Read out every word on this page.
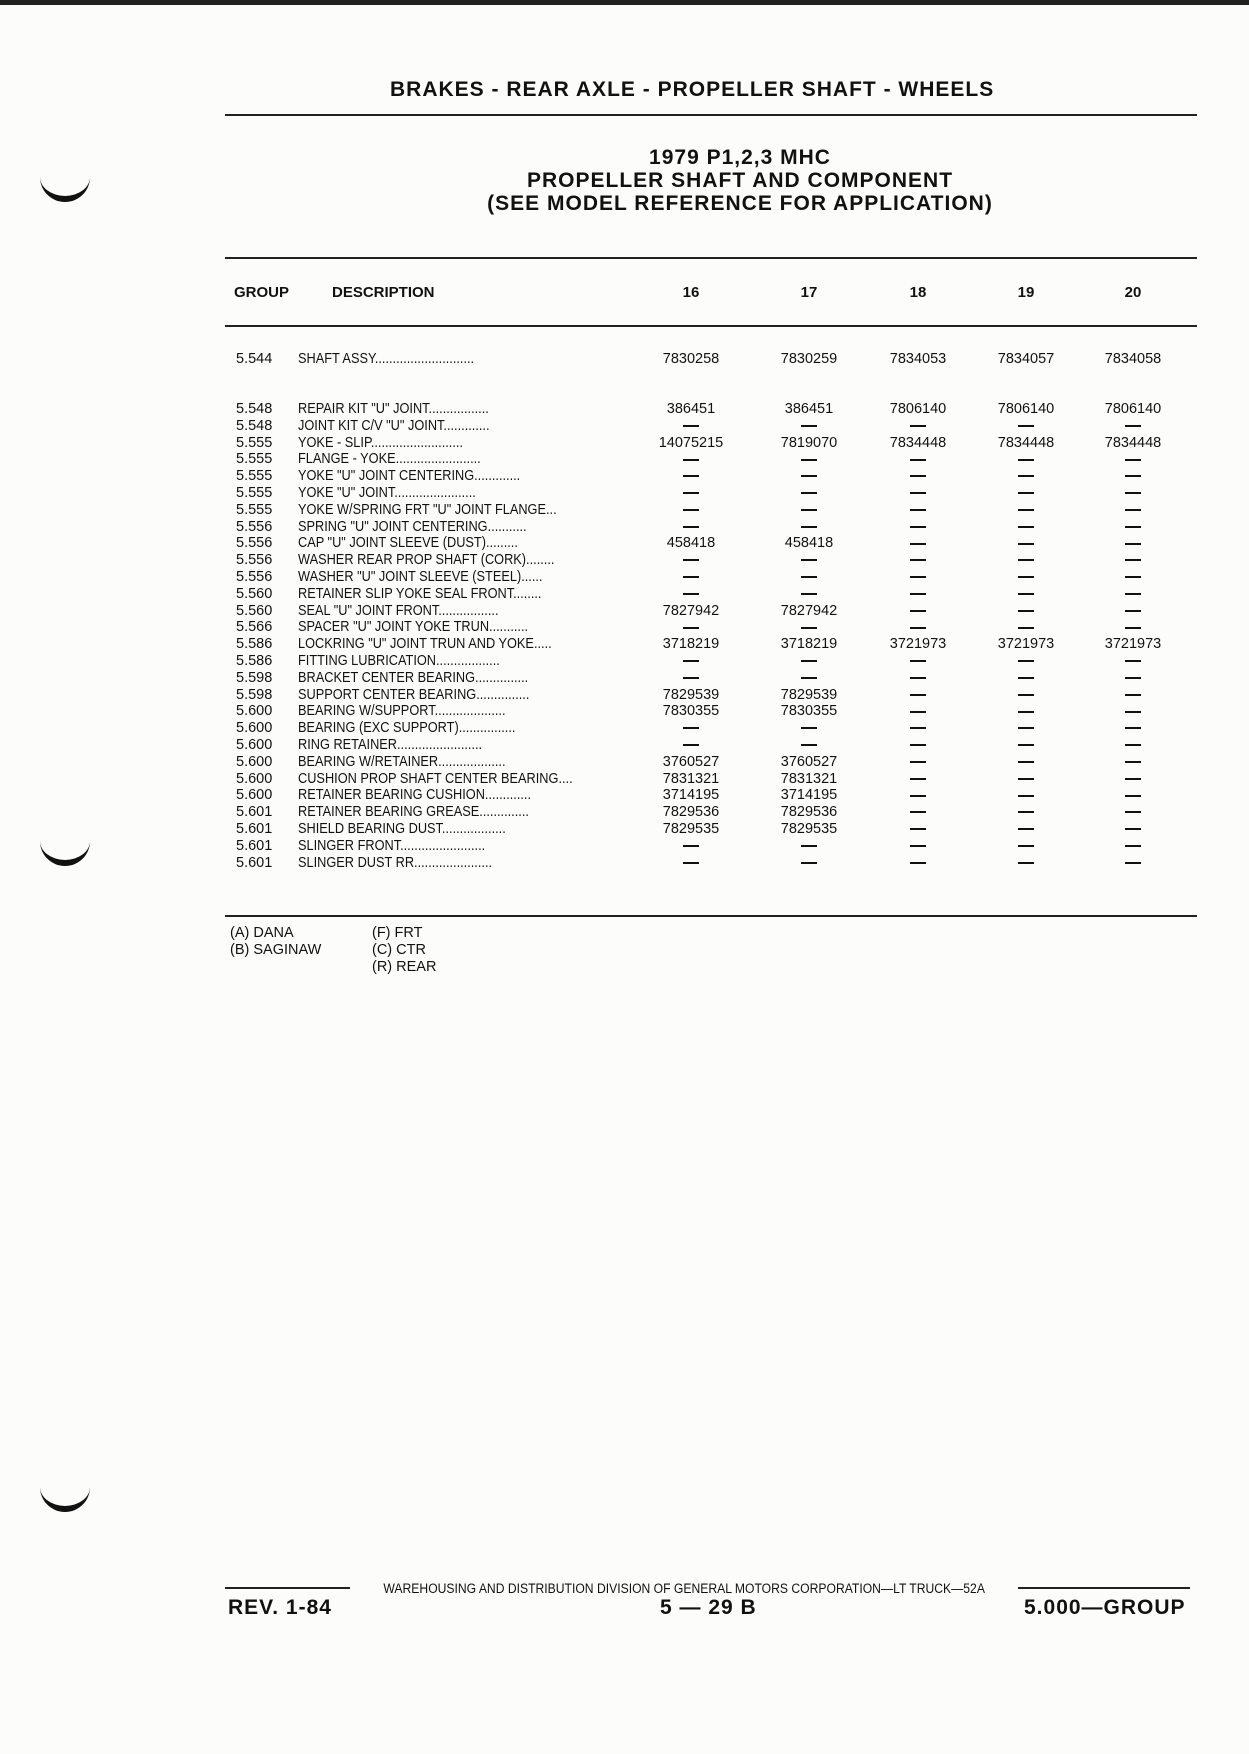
BRAKES - REAR AXLE - PROPELLER SHAFT - WHEELS
1979 P1,2,3 MHC
PROPELLER SHAFT AND COMPONENT
(SEE MODEL REFERENCE FOR APPLICATION)
GROUP	DESCRIPTION	16	17	18	19	20
5.544 SHAFT ASSY............................	7830258	7830259	7834053	7834057	7834058
5.548 REPAIR KIT "U" JOINT.................	386451	386451	7806140	7806140	7806140
5.548 JOINT KIT C/V "U" JOINT.............
5.555 YOKE - SLIP..........................	14075215	7819070	7834448	7834448	7834448
5.555 FLANGE - YOKE........................
5.555 YOKE "U" JOINT CENTERING.............
5.555 YOKE "U" JOINT.......................
5.555 YOKE W/SPRING FRT "U" JOINT FLANGE...
5.556 SPRING "U" JOINT CENTERING...........
5.556 CAP "U" JOINT SLEEVE (DUST).........	458418	458418
5.556 WASHER REAR PROP SHAFT (CORK)........
5.556 WASHER "U" JOINT SLEEVE (STEEL)......
5.560 RETAINER SLIP YOKE SEAL FRONT........
5.560 SEAL "U" JOINT FRONT.................	7827942	7827942
5.566 SPACER "U" JOINT YOKE TRUN...........
5.586 LOCKRING "U" JOINT TRUN AND YOKE.....	3718219	3718219	3721973	3721973	3721973
5.586 FITTING LUBRICATION..................
5.598 BRACKET CENTER BEARING...............
5.598 SUPPORT CENTER BEARING...............	7829539	7829539
5.600 BEARING W/SUPPORT....................	7830355	7830355
5.600 BEARING (EXC SUPPORT)................
5.600 RING RETAINER........................
5.600 BEARING W/RETAINER...................	3760527	3760527
5.600 CUSHION PROP SHAFT CENTER BEARING....	7831321	7831321
5.600 RETAINER BEARING CUSHION.............	3714195	3714195
5.601 RETAINER BEARING GREASE..............	7829536	7829536
5.601 SHIELD BEARING DUST..................	7829535	7829535
5.601 SLINGER FRONT........................
5.601 SLINGER DUST RR......................
(A) DANA
(B) SAGINAW
(F) FRT
(C) CTR
(R) REAR
WAREHOUSING AND DISTRIBUTION DIVISION OF GENERAL MOTORS CORPORATION—LT TRUCK—52A
REV. 1-84	5 — 29 B	5.000—GROUP
